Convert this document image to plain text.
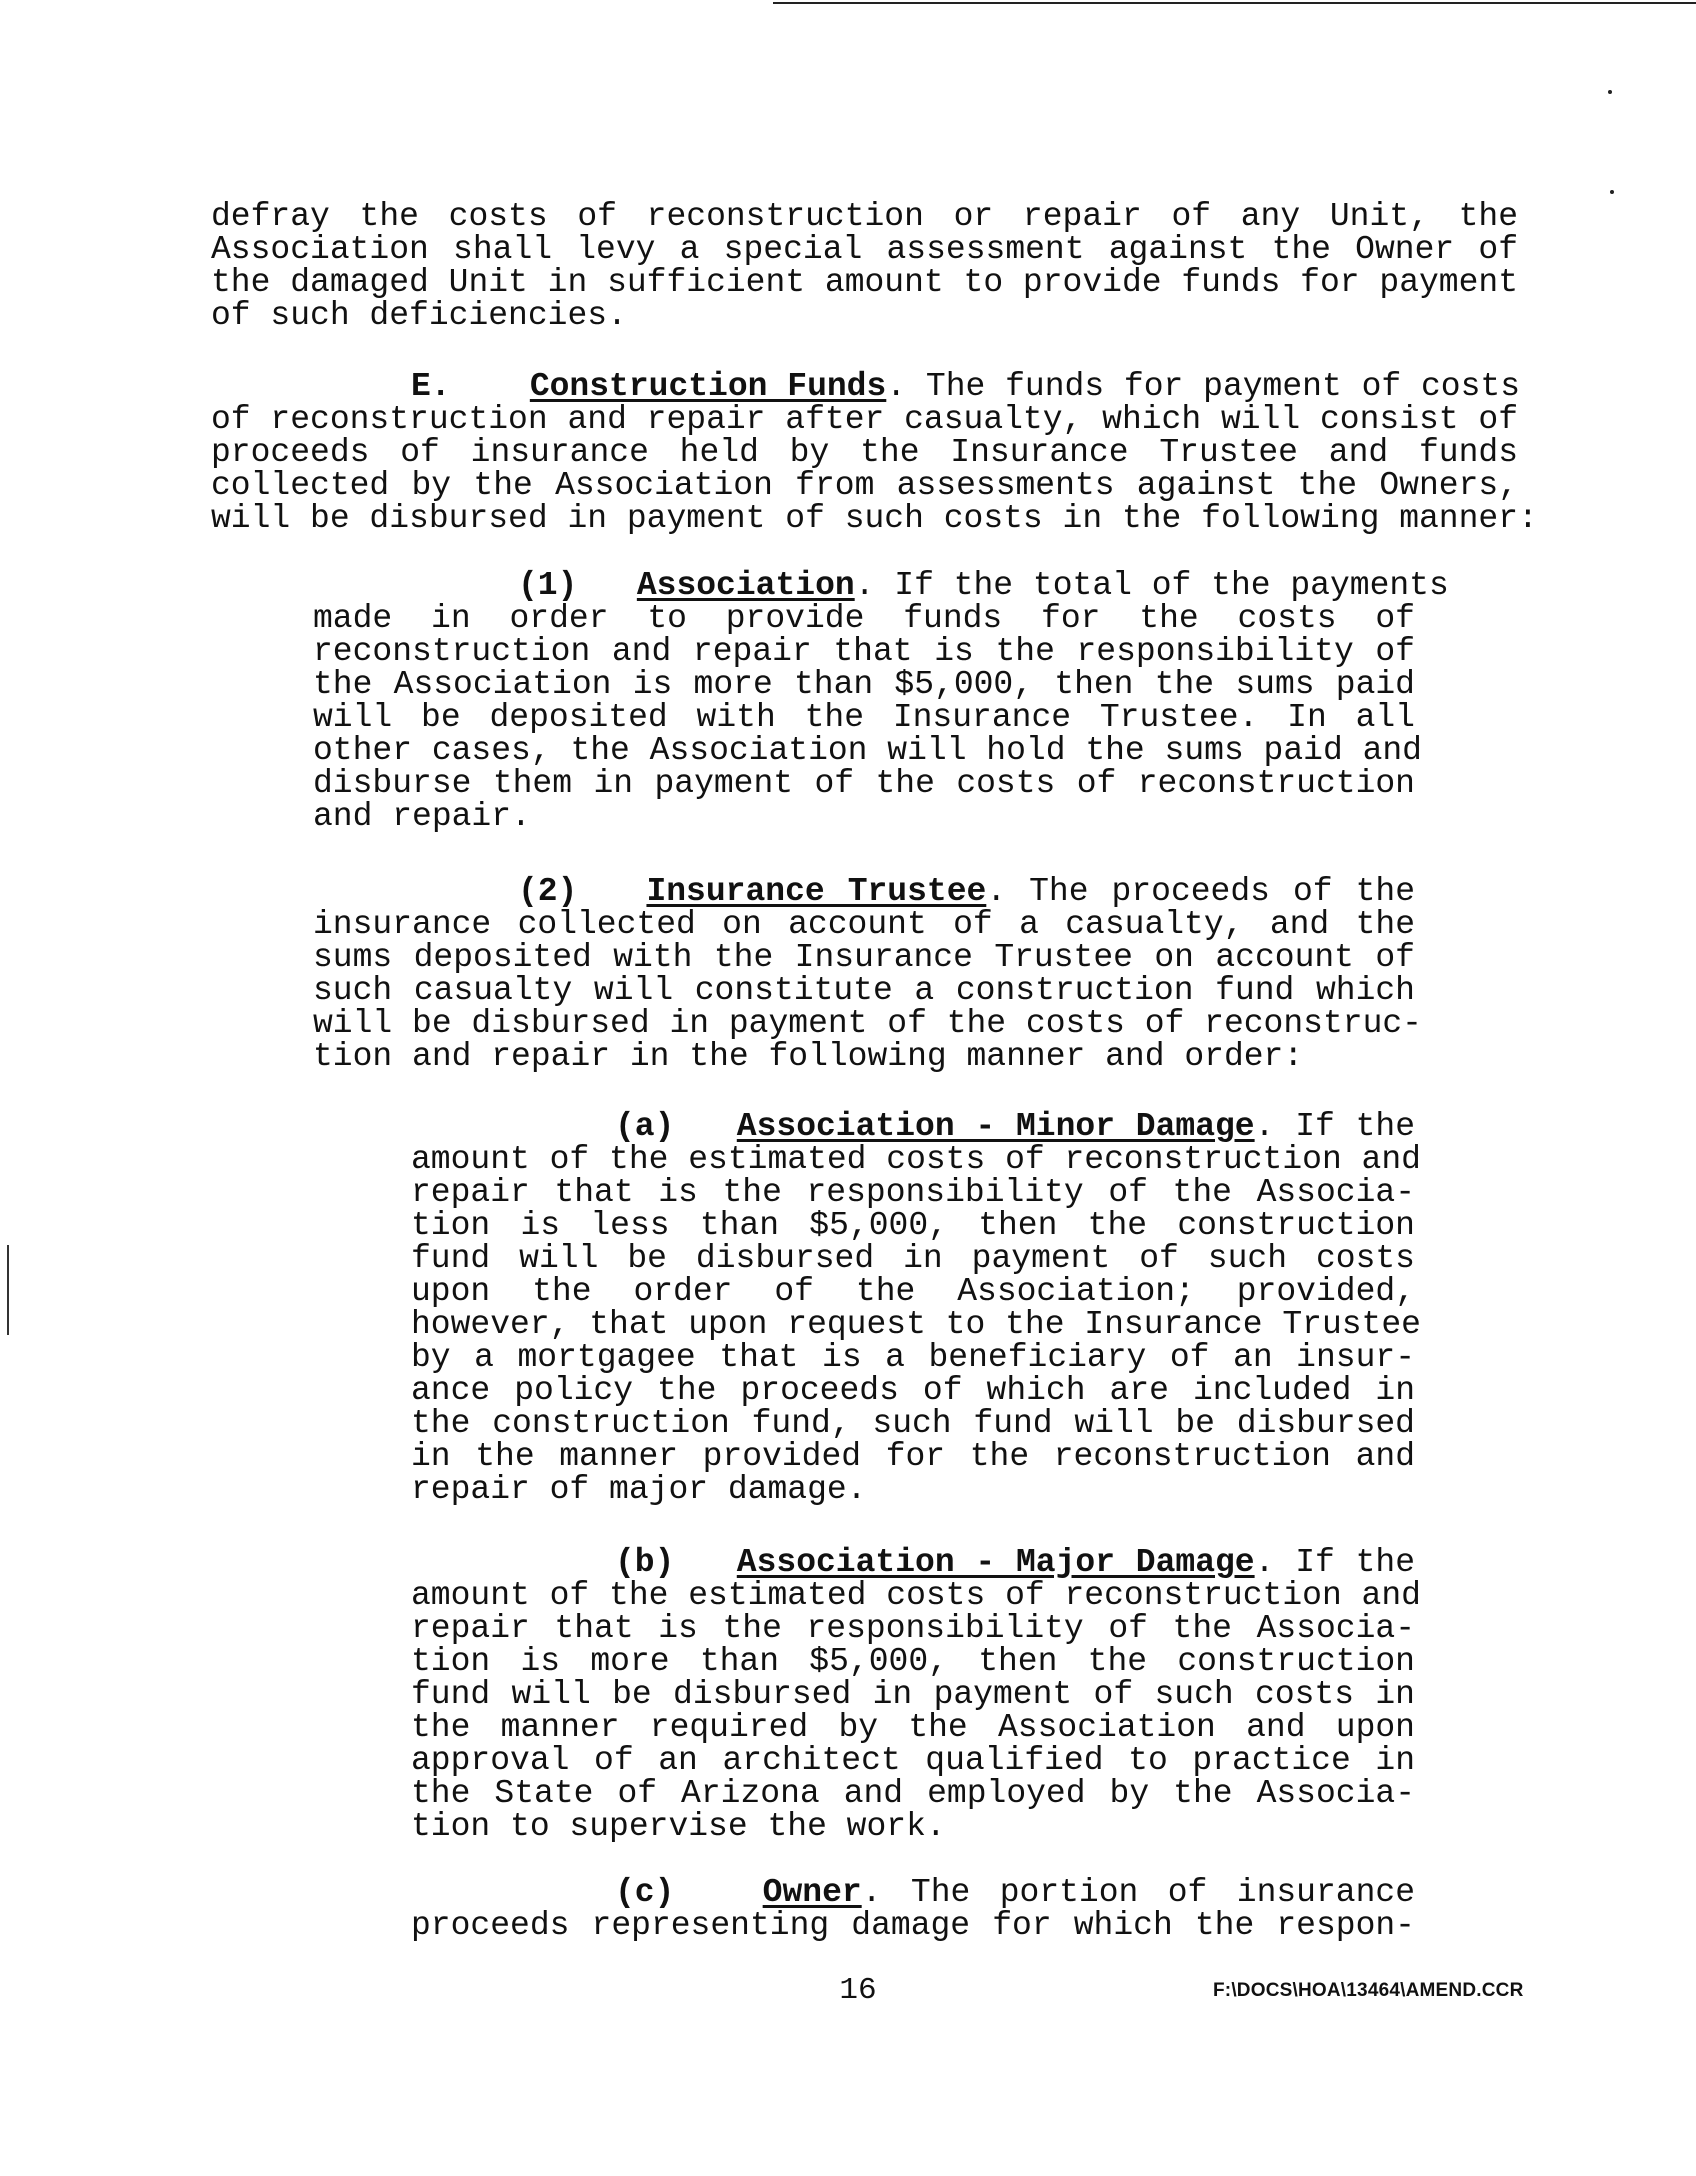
defray the costs of reconstruction or repair of any Unit, the

Association shall levy a special assessment against the Owner of

the damaged Unit in sufficient amount to provide funds for payment

of such deficiencies.

E. Construction Funds. The funds for payment of costs

of reconstruction and repair after casualty, which will consist of

proceeds of insurance held by the Insurance Trustee and funds

collected by the Association from assessments against the Owners,

will be disbursed in payment of such costs in the following manner:

(1) Association. If the total of the payments

made in order to provide funds for the costs of

reconstruction and repair that is the responsibility of

the Association is more than $5,000, then the sums paid

will be deposited with the Insurance Trustee. In all

other cases, the Association will hold the sums paid and

disburse them in payment of the costs of reconstruction

and repair.

(2) Insurance Trustee. The proceeds of the

insurance collected on account of a casualty, and the

sums deposited with the Insurance Trustee on account of

such casualty will constitute a construction fund which

will be disbursed in payment of the costs of reconstruc-

tion and repair in the following manner and order:

(a) Association - Minor Damage. If the

amount of the estimated costs of reconstruction and

repair that is the responsibility of the Associa-

tion is less than $5,000, then the construction

fund will be disbursed in payment of such costs

upon the order of the Association; provided,

however, that upon request to the Insurance Trustee

by a mortgagee that is a beneficiary of an insur-

ance policy the proceeds of which are included in

the construction fund, such fund will be disbursed

in the manner provided for the reconstruction and

repair of major damage.

(b) Association - Major Damage. If the

amount of the estimated costs of reconstruction and

repair that is the responsibility of the Associa-

tion is more than $5,000, then the construction

fund will be disbursed in payment of such costs in

the manner required by the Association and upon

approval of an architect qualified to practice in

the State of Arizona and employed by the Associa-

tion to supervise the work.

(c)	Owner. The portion of insurance

proceeds representing damage for which the respon-

16	F:\DOCS\HOA\13464\AMEND.CCR
